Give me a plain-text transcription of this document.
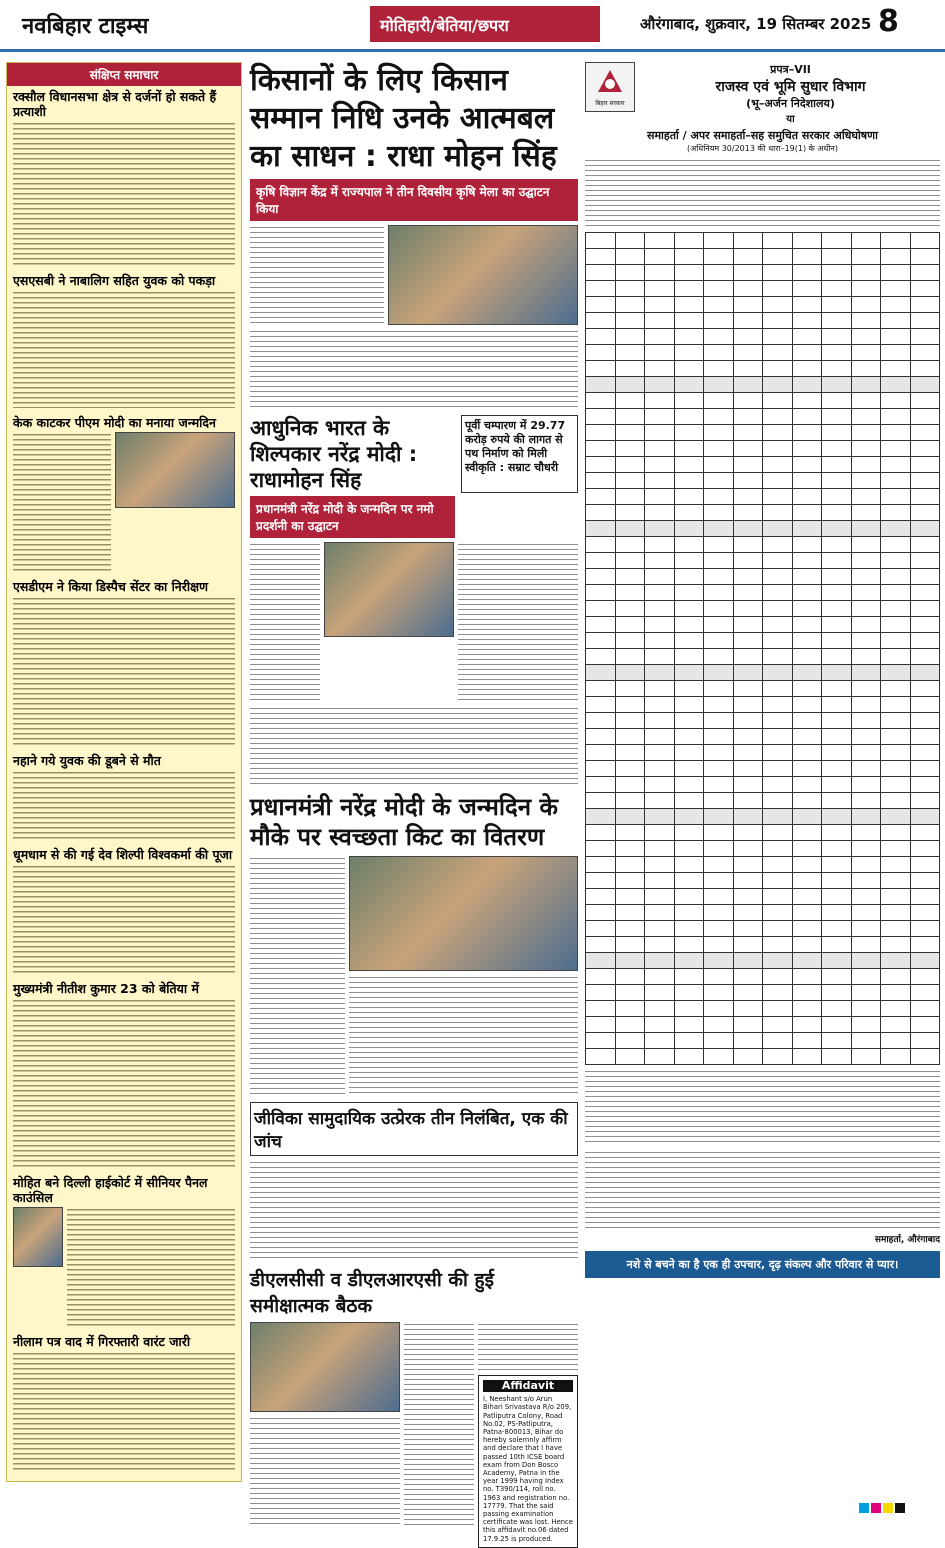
नवबिहार टाइम्स	मोतिहारी/बेतिया/छपरा	औरंगाबाद, शुक्रवार, 19 सितम्बर 2025 8
संक्षिप्त समाचार
रक्सौल विधानसभा क्षेत्र से दर्जनों हो सकते हैं प्रत्याशी
एसएसबी ने नाबालिग सहित युवक को पकड़ा
केक काटकर पीएम मोदी का मनाया जन्मदिन
एसडीएम ने किया डिस्पैच सेंटर का निरीक्षण
नहाने गये युवक की डूबने से मौत
धूमधाम से की गई देव शिल्पी विश्वकर्मा की पूजा
मुख्यमंत्री नीतीश कुमार 23 को बेतिया में
मोहित बने दिल्ली हाईकोर्ट में सीनियर पैनल काउंसिल
नीलाम पत्र वाद में गिरफ्तारी वारंट जारी
किसानों के लिए किसान सम्मान निधि उनके आत्मबल का साधन : राधा मोहन सिंह
कृषि विज्ञान केंद्र में राज्यपाल ने तीन दिवसीय कृषि मेला का उद्घाटन किया
आधुनिक भारत के शिल्पकार नरेंद्र मोदी : राधामोहन सिंह
पूर्वी चम्पारण में 29.77 करोड़ रुपये की लागत से पथ निर्माण को मिली स्वीकृति : सम्राट चौधरी
प्रधानमंत्री नरेंद्र मोदी के जन्मदिन पर नमो प्रदर्शनी का उद्घाटन
प्रधानमंत्री नरेंद्र मोदी के जन्मदिन के मौके पर स्वच्छता किट का वितरण
जीविका सामुदायिक उत्प्रेरक तीन निलंबित, एक की जांच
डीएलसीसी व डीएलआरएसी की हुई समीक्षात्मक बैठक
Affidavit
I, Neeshant s/o Arun Bihari Srivastava R/o 209, Patliputra Colony, Road No.02, PS-Patliputra, Patna-800013, Bihar do hereby solemnly affirm and declare that I have passed 10th ICSE board exam from Don Bosco Academy, Patna in the year 1999 having Index no. T390/114, roll no. 1963 and registration no. 17779. That the said passing examination certificate was lost. Hence this affidavit no.06 dated 17.9.25 is produced.
बिहार सरकार
प्रपत्र–VII
राजस्व एवं भूमि सुधार विभाग
(भू–अर्जन निदेशालय)
या
समाहर्ता / अपर समाहर्ता–सह समुचित सरकार अधिघोषणा
(अधिनियम 30/2013 की धारा–19(1) के अधीन)

समाहर्ता, औरंगाबाद
नशे से बचने का है एक ही उपचार, दृढ़ संकल्प और परिवार से प्यार।
